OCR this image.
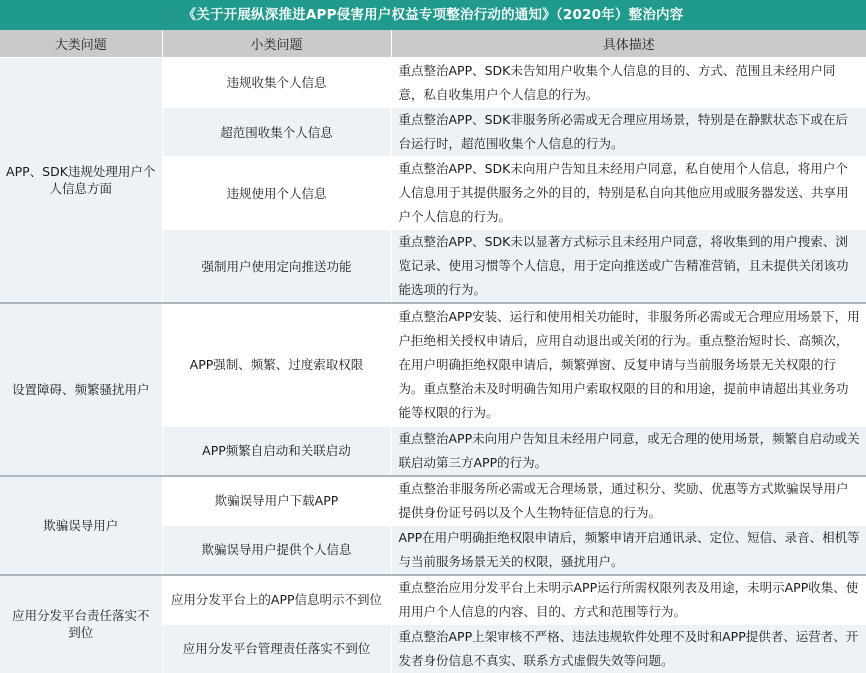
《关于开展纵深推进APP侵害用户权益专项整治行动的通知》（2020年）整治内容
大类问题	小类问题	具体描述
APP、SDK违规处理用户个人信息方面	违规收集个人信息	重点整治APP、SDK未告知用户收集个人信息的目的、方式、范围且未经用户同意，私自收集用户个人信息的行为。
	超范围收集个人信息	重点整治APP、SDK非服务所必需或无合理应用场景，特别是在静默状态下或在后台运行时，超范围收集个人信息的行为。
	违规使用个人信息	重点整治APP、SDK未向用户告知且未经用户同意，私自使用个人信息，将用户个人信息用于其提供服务之外的目的，特别是私自向其他应用或服务器发送、共享用户个人信息的行为。
	强制用户使用定向推送功能	重点整治APP、SDK未以显著方式标示且未经用户同意，将收集到的用户搜索、浏览记录、使用习惯等个人信息，用于定向推送或广告精准营销，且未提供关闭该功能选项的行为。
设置障碍、频繁骚扰用户	APP强制、频繁、过度索取权限	重点整治APP安装、运行和使用相关功能时，非服务所必需或无合理应用场景下，用户拒绝相关授权申请后，应用自动退出或关闭的行为。重点整治短时长、高频次，在用户明确拒绝权限申请后，频繁弹窗、反复申请与当前服务场景无关权限的行为。重点整治未及时明确告知用户索取权限的目的和用途，提前申请超出其业务功能等权限的行为。
	APP频繁自启动和关联启动	重点整治APP未向用户告知且未经用户同意，或无合理的使用场景，频繁自启动或关联启动第三方APP的行为。
欺骗误导用户	欺骗误导用户下载APP	重点整治非服务所必需或无合理场景，通过积分、奖励、优惠等方式欺骗误导用户提供身份证号码以及个人生物特征信息的行为。
	欺骗误导用户提供个人信息	APP在用户明确拒绝权限申请后，频繁申请开启通讯录、定位、短信、录音、相机等与当前服务场景无关的权限，骚扰用户。
应用分发平台责任落实不到位	应用分发平台上的APP信息明示不到位	重点整治应用分发平台上未明示APP运行所需权限列表及用途，未明示APP收集、使用用户个人信息的内容、目的、方式和范围等行为。
	应用分发平台管理责任落实不到位	重点整治APP上架审核不严格、违法违规软件处理不及时和APP提供者、运营者、开发者身份信息不真实、联系方式虚假失效等问题。
